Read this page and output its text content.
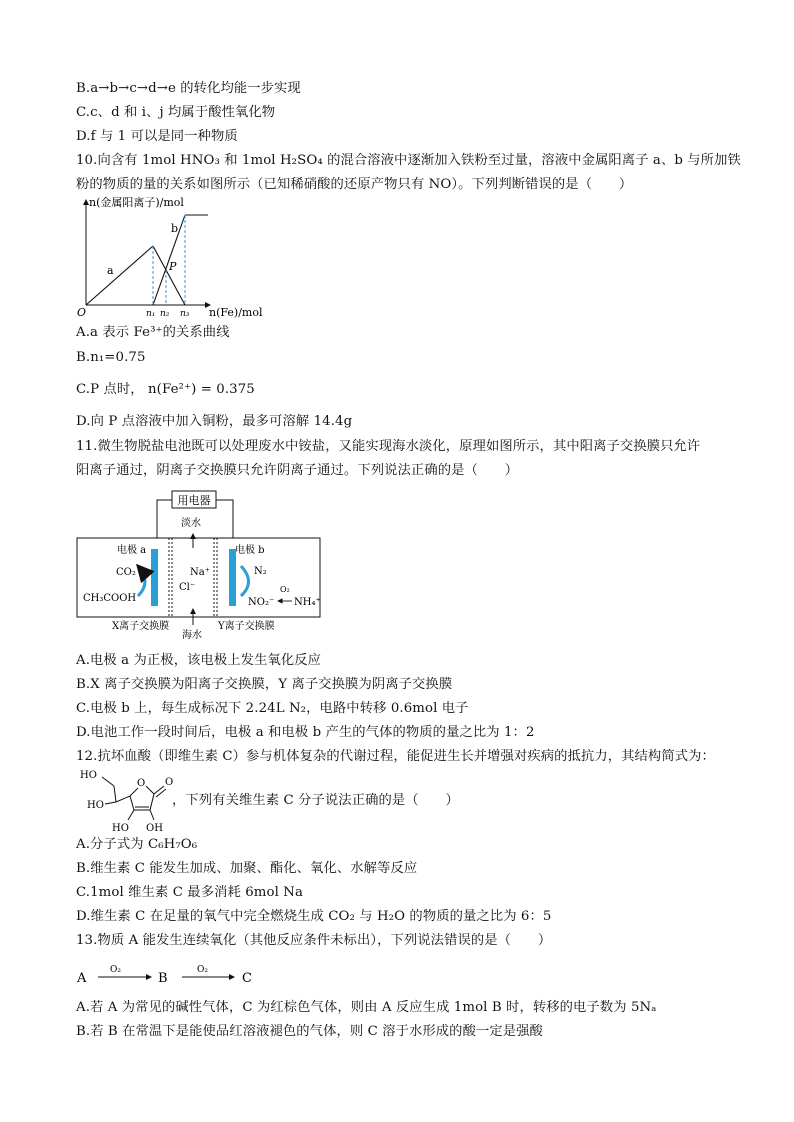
B.a→b→c→d→e 的转化均能一步实现
C.c、d 和 i、j 均属于酸性氧化物
D.f 与 1 可以是同一种物质
10.向含有 1mol HNO₃ 和 1mol H₂SO₄ 的混合溶液中逐渐加入铁粉至过量，溶液中金属阳离子 a、b 与所加铁
粉的物质的量的关系如图所示（已知稀硝酸的还原产物只有 NO）。下列判断错误的是（　　）
n(金属阳离子)/mol
n(Fe)/mol
O
a
b
P
n₁ n₂ n₃
A.a 表示 Fe³⁺的关系曲线
B.n₁=0.75
C.P 点时， n(Fe²⁺) = 0.375
D.向 P 点溶液中加入铜粉，最多可溶解 14.4g
11.微生物脱盐电池既可以处理废水中铵盐，又能实现海水淡化，原理如图所示，其中阳离子交换膜只允许
阳离子通过，阴离子交换膜只允许阴离子通过。下列说法正确的是（　　）
用电器
电极 a	电极 b
CO₂
CH₃COOH
Na⁺
Cl⁻
N₂
O₂
NO₂⁻ NH₄⁺
淡水
海水
X离子交换膜	Y离子交换膜
A.电极 a 为正极，该电极上发生氧化反应
B.X 离子交换膜为阳离子交换膜，Y 离子交换膜为阴离子交换膜
C.电极 b 上，每生成标况下 2.24L N₂，电路中转移 0.6mol 电子
D.电池工作一段时间后，电极 a 和电极 b 产生的气体的物质的量之比为 1：2
12.抗坏血酸（即维生素 C）参与机体复杂的代谢过程，能促进生长并增强对疾病的抵抗力，其结构简式为：
HO
HO
O O
HO OH
，下列有关维生素 C 分子说法正确的是（　　）
A.分子式为 C₆H₇O₆
B.维生素 C 能发生加成、加聚、酯化、氧化、水解等反应
C.1mol 维生素 C 最多消耗 6mol Na
D.维生素 C 在足量的氧气中完全燃烧生成 CO₂ 与 H₂O 的物质的量之比为 6：5
13.物质 A 能发生连续氧化（其他反应条件未标出），下列说法错误的是（　　）
A
O₂
B
O₂
C
A.若 A 为常见的碱性气体，C 为红棕色气体，则由 A 反应生成 1mol B 时，转移的电子数为 5Nₐ
B.若 B 在常温下是能使品红溶液褪色的气体，则 C 溶于水形成的酸一定是强酸
